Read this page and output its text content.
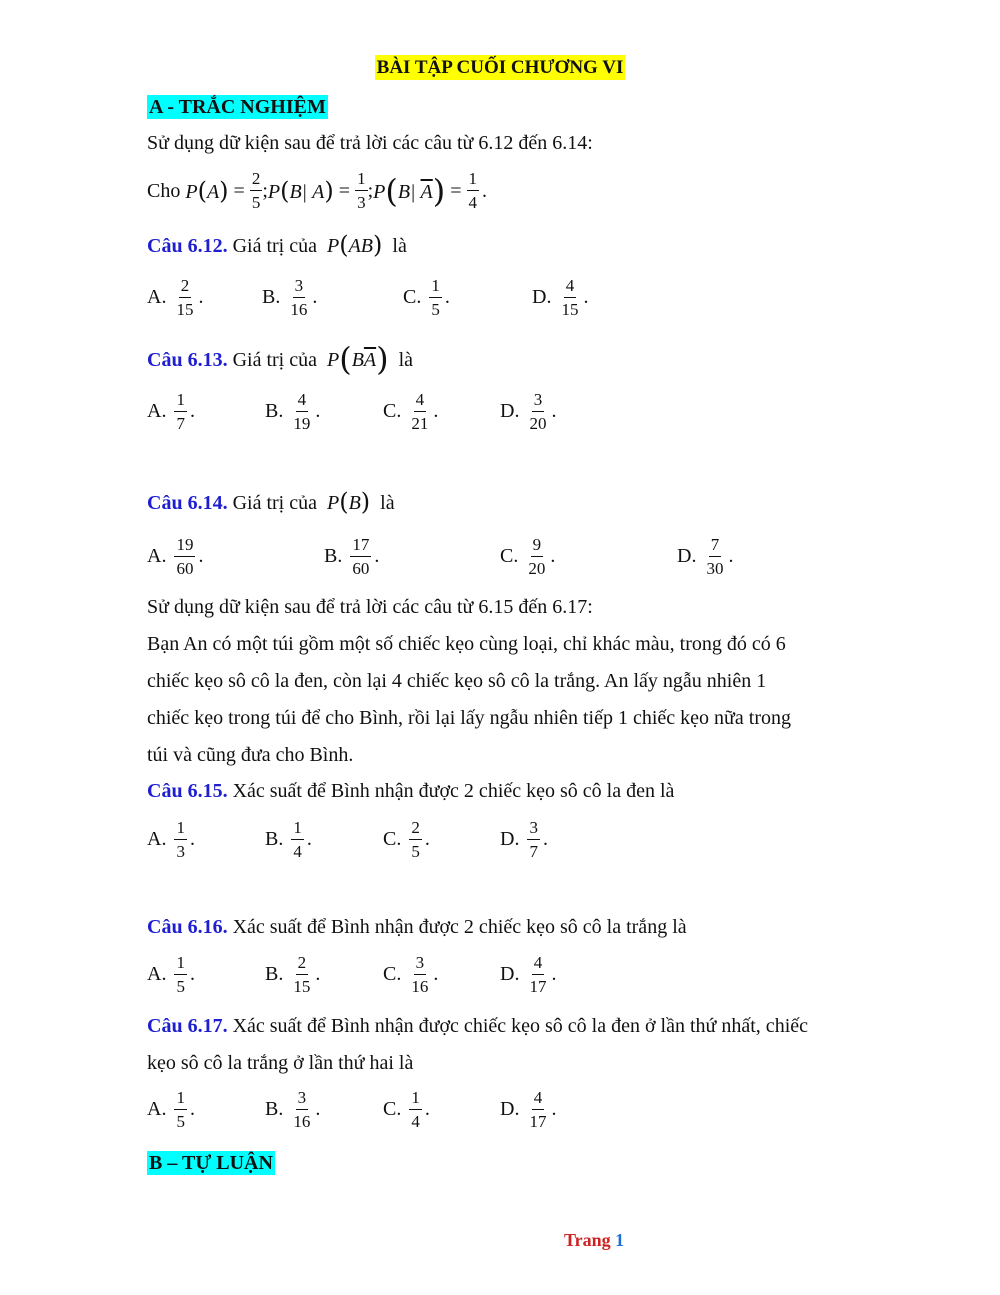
BÀI TẬP CUỐI CHƯƠNG VI
A - TRẮC NGHIỆM
Sử dụng dữ kiện sau để trả lời các câu từ 6.12 đến 6.14:
Cho
$P(A) = \frac{2}{5}$ ; P(B| $A) = \frac{1}{3}$ ; P(B| $\overline{A}) = \frac{1}{4}$ .
Câu 6.12. Giá trị của P(AB) là
A. $\frac{2}{15}$ .	B. $\frac{3}{16}$ .	C. $\frac{1}{5}$ .	D. $\frac{4}{15}$ .
Câu 6.13. Giá trị của $P(B\overline{A})$ là
A. $\frac{1}{7}$ .	B. $\frac{4}{19}$ .	C. $\frac{4}{21}$ .	D. $\frac{3}{20}$ .
Câu 6.14. Giá trị của P(B) là
A. $\frac{19}{60}$ .	B. $\frac{17}{60}$ .	C. $\frac{9}{20}$ .	D. $\frac{7}{30}$ .
Sử dụng dữ kiện sau để trả lời các câu từ 6.15 đến 6.17:
Bạn An có một túi gồm một số chiếc kẹo cùng loại, chỉ khác màu, trong đó có 6
chiếc kẹo sô cô la đen, còn lại 4 chiếc kẹo sô cô la trắng. An lấy ngẫu nhiên 1
chiếc kẹo trong túi để cho Bình, rồi lại lấy ngẫu nhiên tiếp 1 chiếc kẹo nữa trong
túi và cũng đưa cho Bình.
Câu 6.15. Xác suất để Bình nhận được 2 chiếc kẹo sô cô la đen là
A. $\frac{1}{3}$ .	B. $\frac{1}{4}$ .	C. $\frac{2}{5}$ .	D. $\frac{3}{7}$ .
Câu 6.16. Xác suất để Bình nhận được 2 chiếc kẹo sô cô la trắng là
A. $\frac{1}{5}$ .	B. $\frac{2}{15}$ .	C. $\frac{3}{16}$ .	D. $\frac{4}{17}$ .
Câu 6.17. Xác suất để Bình nhận được chiếc kẹo sô cô la đen ở lần thứ nhất, chiếc
kẹo sô cô la trắng ở lần thứ hai là
A. $\frac{1}{5}$ .	B. $\frac{3}{16}$ .	C. $\frac{1}{4}$ .	D. $\frac{4}{17}$ .
B – TỰ LUẬN
Trang 1
